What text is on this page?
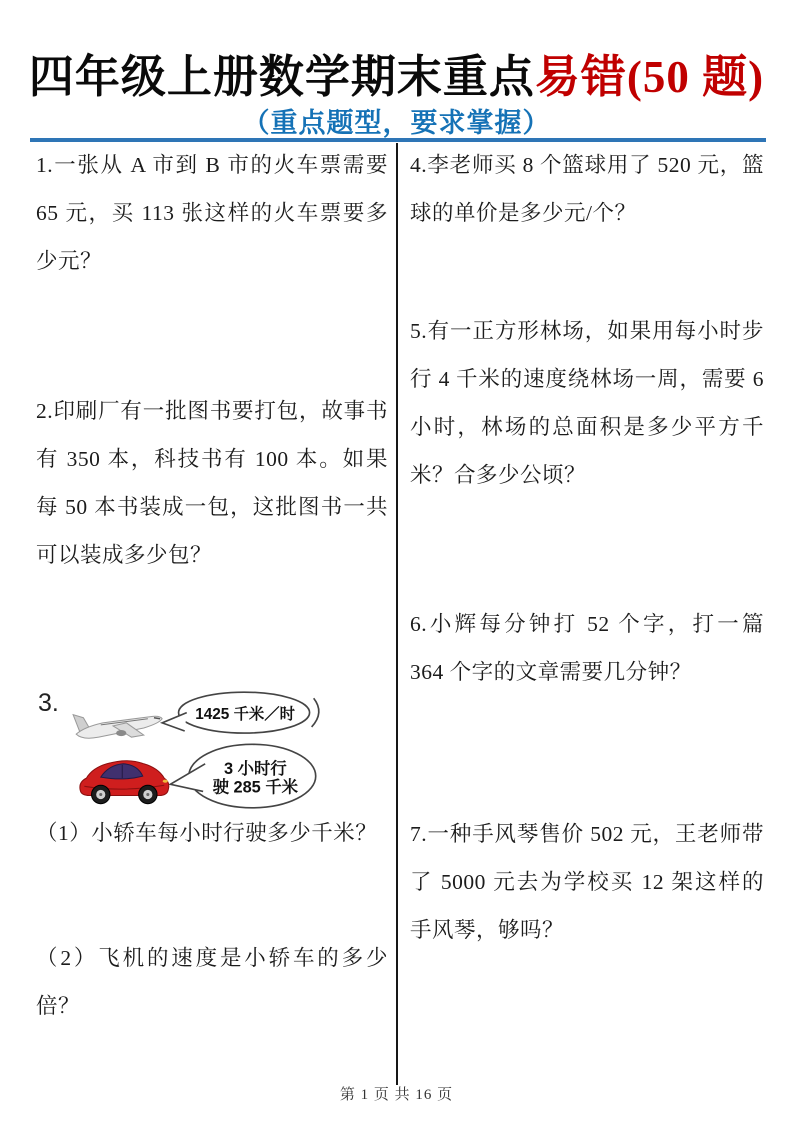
四年级上册数学期末重点易错(50 题)
（重点题型，要求掌握）

1.一张从 A 市到 B 市的火车票需要 65 元，买 113 张这样的火车票要多少元？

2.印刷厂有一批图书要打包，故事书有 350 本，科技书有 100 本。如果每 50 本书装成一包，这批图书一共可以装成多少包？

3.	1425 千米／时
3 小时行
驶 285 千米

（1）小轿车每小时行驶多少千米？

（2）飞机的速度是小轿车的多少倍？

4.李老师买 8 个篮球用了 520 元，篮球的单价是多少元/个？

5.有一正方形林场，如果用每小时步行 4 千米的速度绕林场一周，需要 6 小时，林场的总面积是多少平方千米？合多少公顷？

6.小辉每分钟打 52 个字，打一篇 364 个字的文章需要几分钟？

7.一种手风琴售价 502 元，王老师带了 5000 元去为学校买 12 架这样的手风琴，够吗？

第 1 页 共 16 页
